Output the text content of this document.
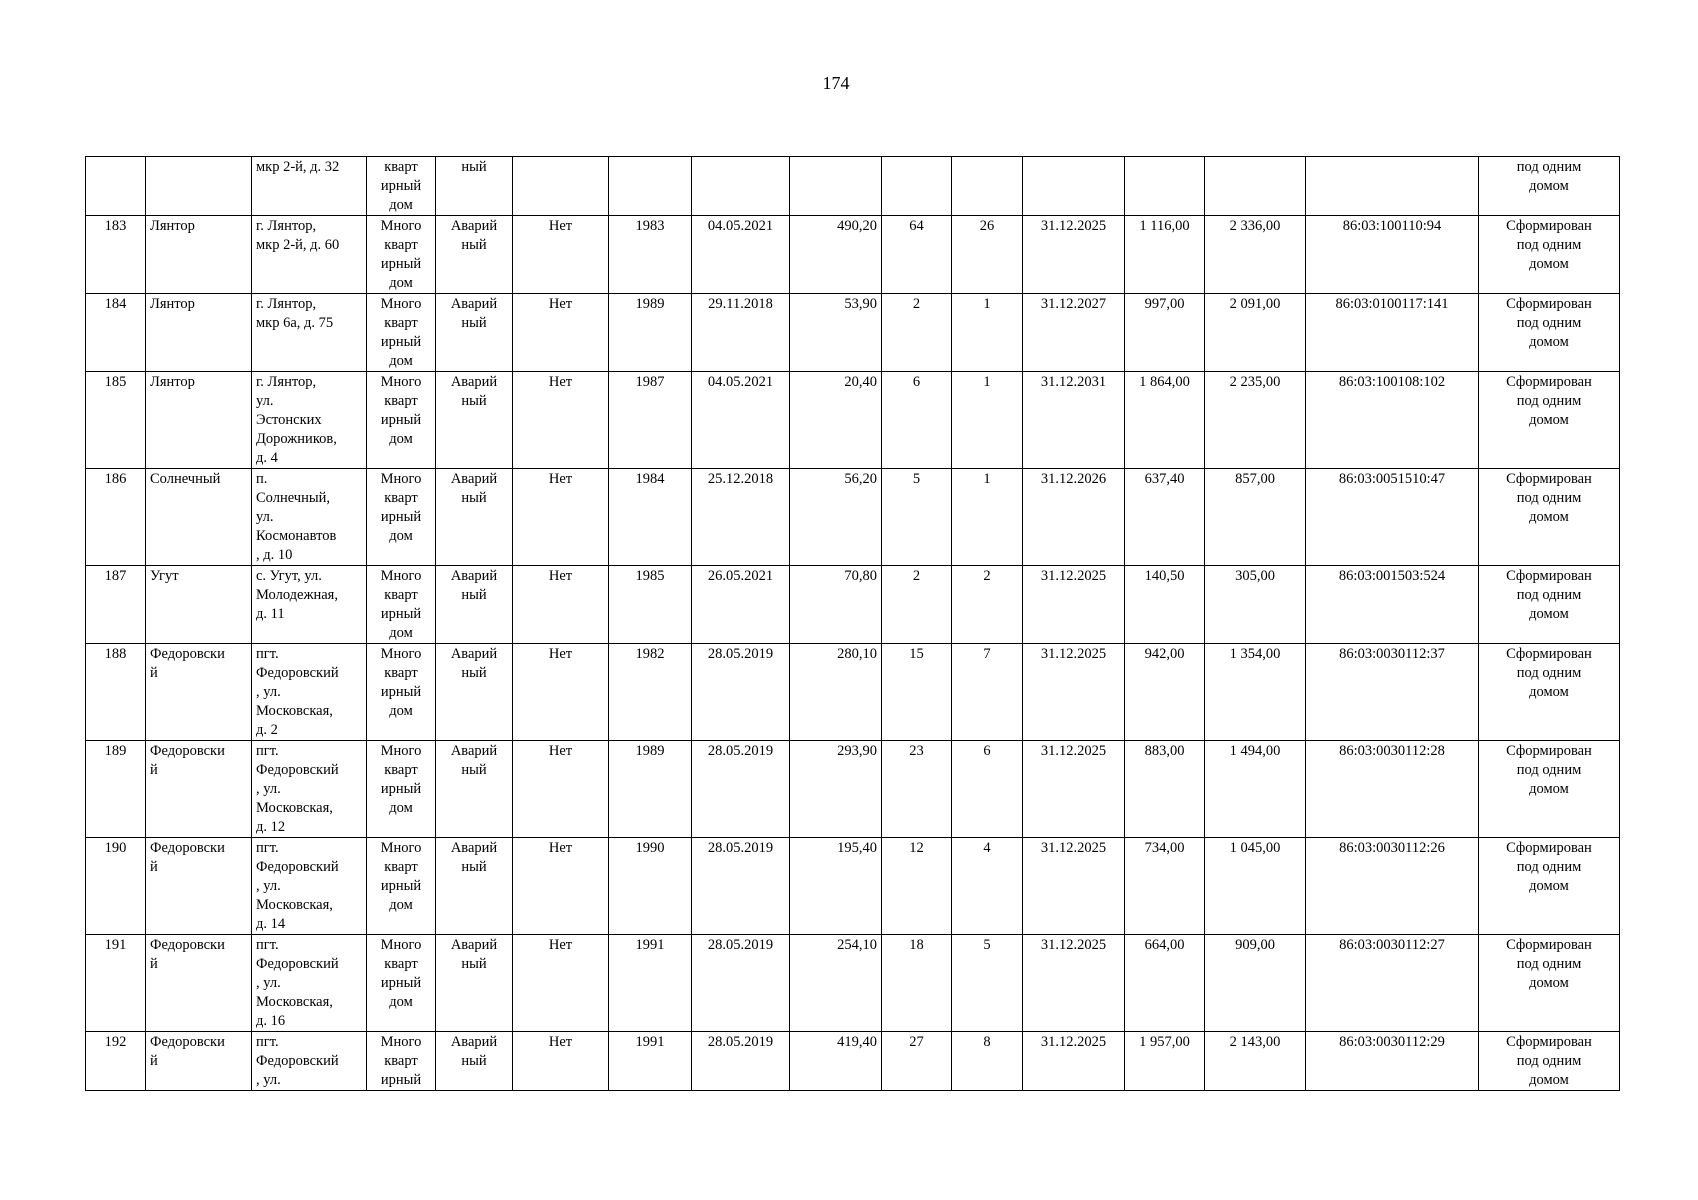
174

		мкр 2-й, д. 32	кварт
ирный
дом	ный											под одним
домом

183	Лянтор	г. Лянтор,
мкр 2-й, д. 60	Много
кварт
ирный
дом	Аварий
ный	Нет	1983	04.05.2021	490,20	64	26	31.12.2025	1 116,00	2 336,00	86:03:100110:94	Сформирован
под одним
домом

184	Лянтор	г. Лянтор,
мкр 6а, д. 75	Много
кварт
ирный
дом	Аварий
ный	Нет	1989	29.11.2018	53,90	2	1	31.12.2027	997,00	2 091,00	86:03:0100117:141	Сформирован
под одним
домом

185	Лянтор	г. Лянтор,
ул.
Эстонских
Дорожников,
д. 4	Много
кварт
ирный
дом	Аварий
ный	Нет	1987	04.05.2021	20,40	6	1	31.12.2031	1 864,00	2 235,00	86:03:100108:102	Сформирован
под одним
домом

186	Солнечный	п.
Солнечный,
ул.
Космонавтов
, д. 10	Много
кварт
ирный
дом	Аварий
ный	Нет	1984	25.12.2018	56,20	5	1	31.12.2026	637,40	857,00	86:03:0051510:47	Сформирован
под одним
домом

187	Угут	с. Угут, ул.
Молодежная,
д. 11	Много
кварт
ирный
дом	Аварий
ный	Нет	1985	26.05.2021	70,80	2	2	31.12.2025	140,50	305,00	86:03:001503:524	Сформирован
под одним
домом

188	Федоровски
й	пгт.
Федоровский
, ул.
Московская,
д. 2	Много
кварт
ирный
дом	Аварий
ный	Нет	1982	28.05.2019	280,10	15	7	31.12.2025	942,00	1 354,00	86:03:0030112:37	Сформирован
под одним
домом

189	Федоровски
й	пгт.
Федоровский
, ул.
Московская,
д. 12	Много
кварт
ирный
дом	Аварий
ный	Нет	1989	28.05.2019	293,90	23	6	31.12.2025	883,00	1 494,00	86:03:0030112:28	Сформирован
под одним
домом

190	Федоровски
й	пгт.
Федоровский
, ул.
Московская,
д. 14	Много
кварт
ирный
дом	Аварий
ный	Нет	1990	28.05.2019	195,40	12	4	31.12.2025	734,00	1 045,00	86:03:0030112:26	Сформирован
под одним
домом

191	Федоровски
й	пгт.
Федоровский
, ул.
Московская,
д. 16	Много
кварт
ирный
дом	Аварий
ный	Нет	1991	28.05.2019	254,10	18	5	31.12.2025	664,00	909,00	86:03:0030112:27	Сформирован
под одним
домом

192	Федоровски
й	пгт.
Федоровский
, ул.	Много
кварт
ирный	Аварий
ный	Нет	1991	28.05.2019	419,40	27	8	31.12.2025	1 957,00	2 143,00	86:03:0030112:29	Сформирован
под одним
домом
